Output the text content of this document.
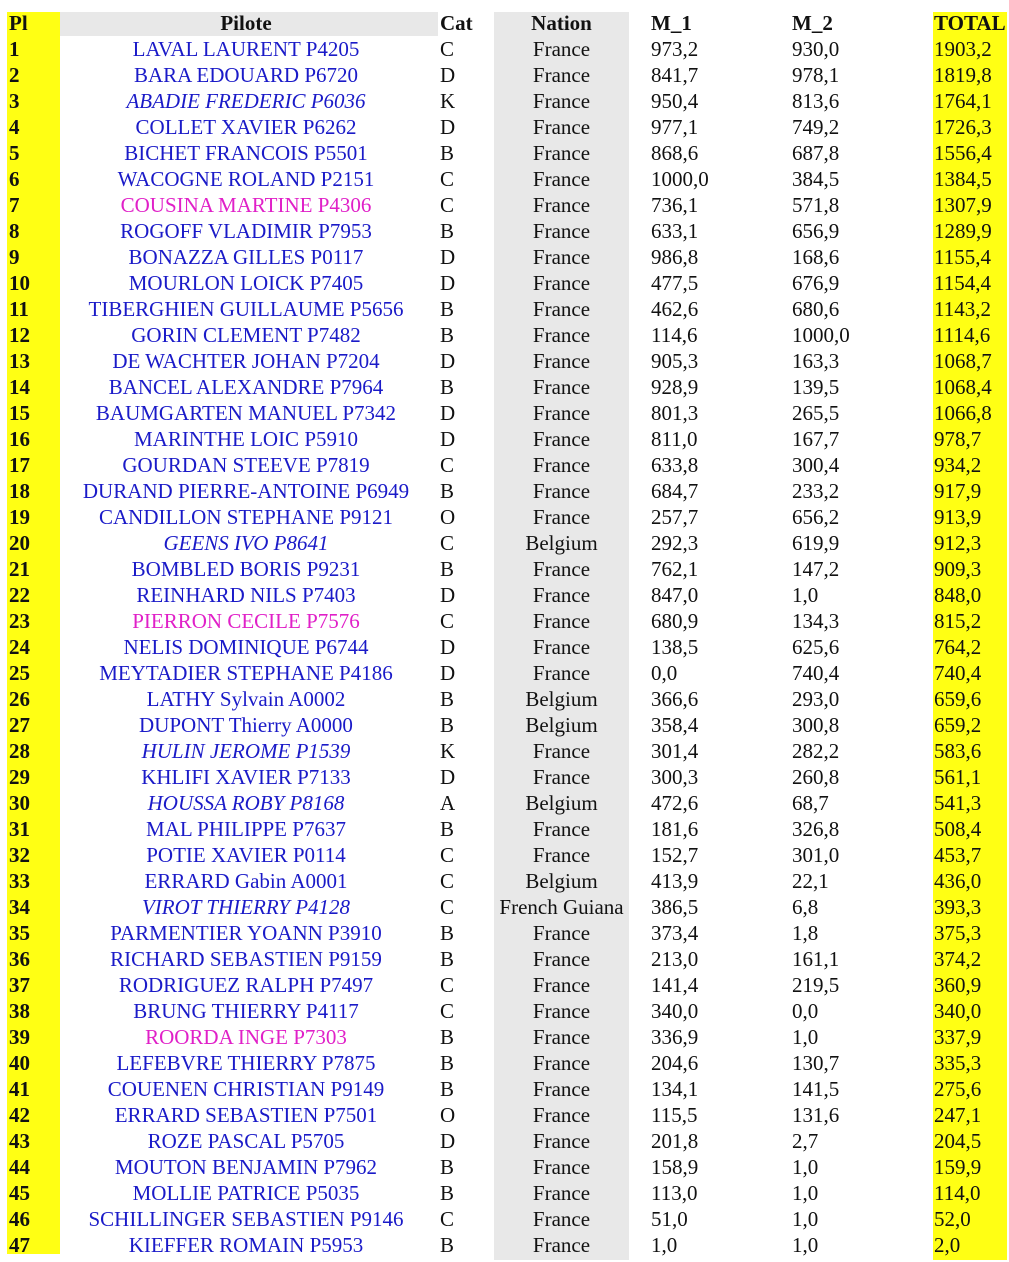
Pl	Pilote	Cat	Nation	M_1	M_2	TOTAL
1	LAVAL LAURENT P4205	C	France	973,2	930,0	1903,2
2	BARA EDOUARD P6720	D	France	841,7	978,1	1819,8
3	ABADIE FREDERIC P6036	K	France	950,4	813,6	1764,1
4	COLLET XAVIER P6262	D	France	977,1	749,2	1726,3
5	BICHET FRANCOIS P5501	B	France	868,6	687,8	1556,4
6	WACOGNE ROLAND P2151	C	France	1000,0	384,5	1384,5
7	COUSINA MARTINE P4306	C	France	736,1	571,8	1307,9
8	ROGOFF VLADIMIR P7953	B	France	633,1	656,9	1289,9
9	BONAZZA GILLES P0117	D	France	986,8	168,6	1155,4
10	MOURLON LOICK P7405	D	France	477,5	676,9	1154,4
11	TIBERGHIEN GUILLAUME P5656	B	France	462,6	680,6	1143,2
12	GORIN CLEMENT P7482	B	France	114,6	1000,0	1114,6
13	DE WACHTER JOHAN P7204	D	France	905,3	163,3	1068,7
14	BANCEL ALEXANDRE P7964	B	France	928,9	139,5	1068,4
15	BAUMGARTEN MANUEL P7342	D	France	801,3	265,5	1066,8
16	MARINTHE LOIC P5910	D	France	811,0	167,7	978,7
17	GOURDAN STEEVE P7819	C	France	633,8	300,4	934,2
18	DURAND PIERRE-ANTOINE P6949	B	France	684,7	233,2	917,9
19	CANDILLON STEPHANE P9121	O	France	257,7	656,2	913,9
20	GEENS IVO P8641	C	Belgium	292,3	619,9	912,3
21	BOMBLED BORIS P9231	B	France	762,1	147,2	909,3
22	REINHARD NILS P7403	D	France	847,0	1,0	848,0
23	PIERRON CECILE P7576	C	France	680,9	134,3	815,2
24	NELIS DOMINIQUE P6744	D	France	138,5	625,6	764,2
25	MEYTADIER STEPHANE P4186	D	France	0,0	740,4	740,4
26	LATHY Sylvain A0002	B	Belgium	366,6	293,0	659,6
27	DUPONT Thierry A0000	B	Belgium	358,4	300,8	659,2
28	HULIN JEROME P1539	K	France	301,4	282,2	583,6
29	KHLIFI XAVIER P7133	D	France	300,3	260,8	561,1
30	HOUSSA ROBY P8168	A	Belgium	472,6	68,7	541,3
31	MAL PHILIPPE P7637	B	France	181,6	326,8	508,4
32	POTIE XAVIER P0114	C	France	152,7	301,0	453,7
33	ERRARD Gabin A0001	C	Belgium	413,9	22,1	436,0
34	VIROT THIERRY P4128	C	French Guiana 386,5	6,8	393,3
35	PARMENTIER YOANN P3910	B	France	373,4	1,8	375,3
36	RICHARD SEBASTIEN P9159	B	France	213,0	161,1	374,2
37	RODRIGUEZ RALPH P7497	C	France	141,4	219,5	360,9
38	BRUNG THIERRY P4117	C	France	340,0	0,0	340,0
39	ROORDA INGE P7303	B	France	336,9	1,0	337,9
40	LEFEBVRE THIERRY P7875	B	France	204,6	130,7	335,3
41	COUENEN CHRISTIAN P9149	B	France	134,1	141,5	275,6
42	ERRARD SEBASTIEN P7501	O	France	115,5	131,6	247,1
43	ROZE PASCAL P5705	D	France	201,8	2,7	204,5
44	MOUTON BENJAMIN P7962	B	France	158,9	1,0	159,9
45	MOLLIE PATRICE P5035	B	France	113,0	1,0	114,0
46	SCHILLINGER SEBASTIEN P9146	C	France	51,0	1,0	52,0
47	KIEFFER ROMAIN P5953	B	France	1,0	1,0	2,0
